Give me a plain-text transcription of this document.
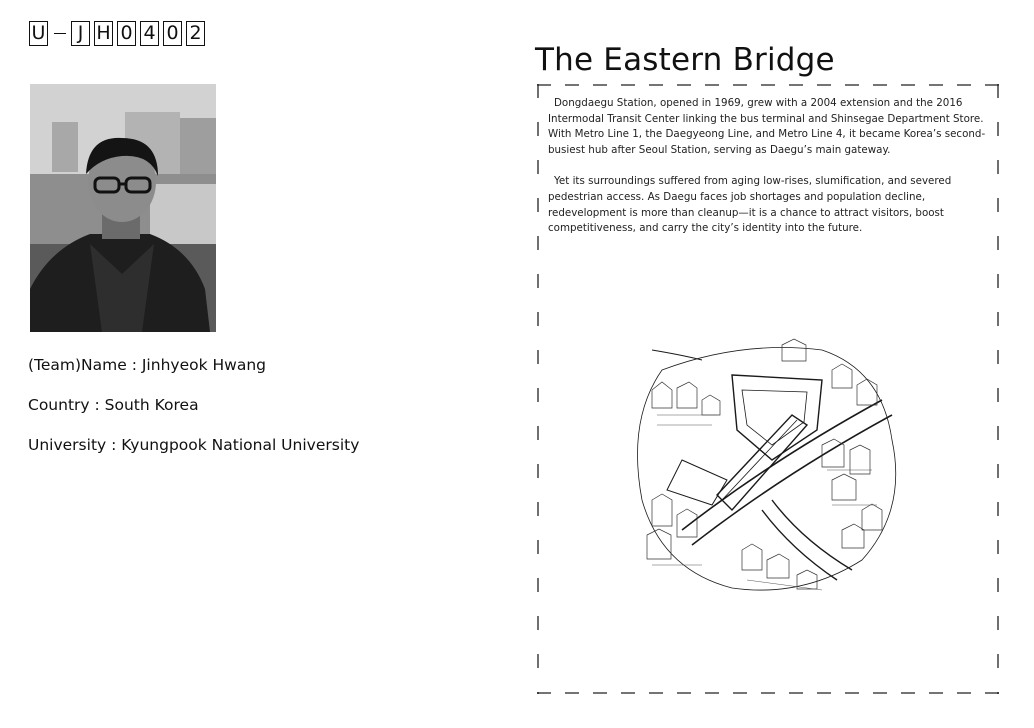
U	J H 0 4 0 2
(Team)Name : Jinhyeok Hwang
Country : South Korea
University : Kyungpook National University
The Eastern Bridge

Dongdaegu Station, opened in 1969, grew with a 2004 extension and the 2016 Intermodal Transit Center linking the bus terminal and Shinsegae Department Store. With Metro Line 1, the Daegyeong Line, and Metro Line 4, it became Korea’s second-busiest hub after Seoul Station, serving as Daegu’s main gateway.

Yet its surroundings suffered from aging low-rises, slumification, and severed pedestrian access. As Daegu faces job shortages and population decline, redevelopment is more than cleanup—it is a chance to attract visitors, boost competitiveness, and carry the city’s identity into the future.
